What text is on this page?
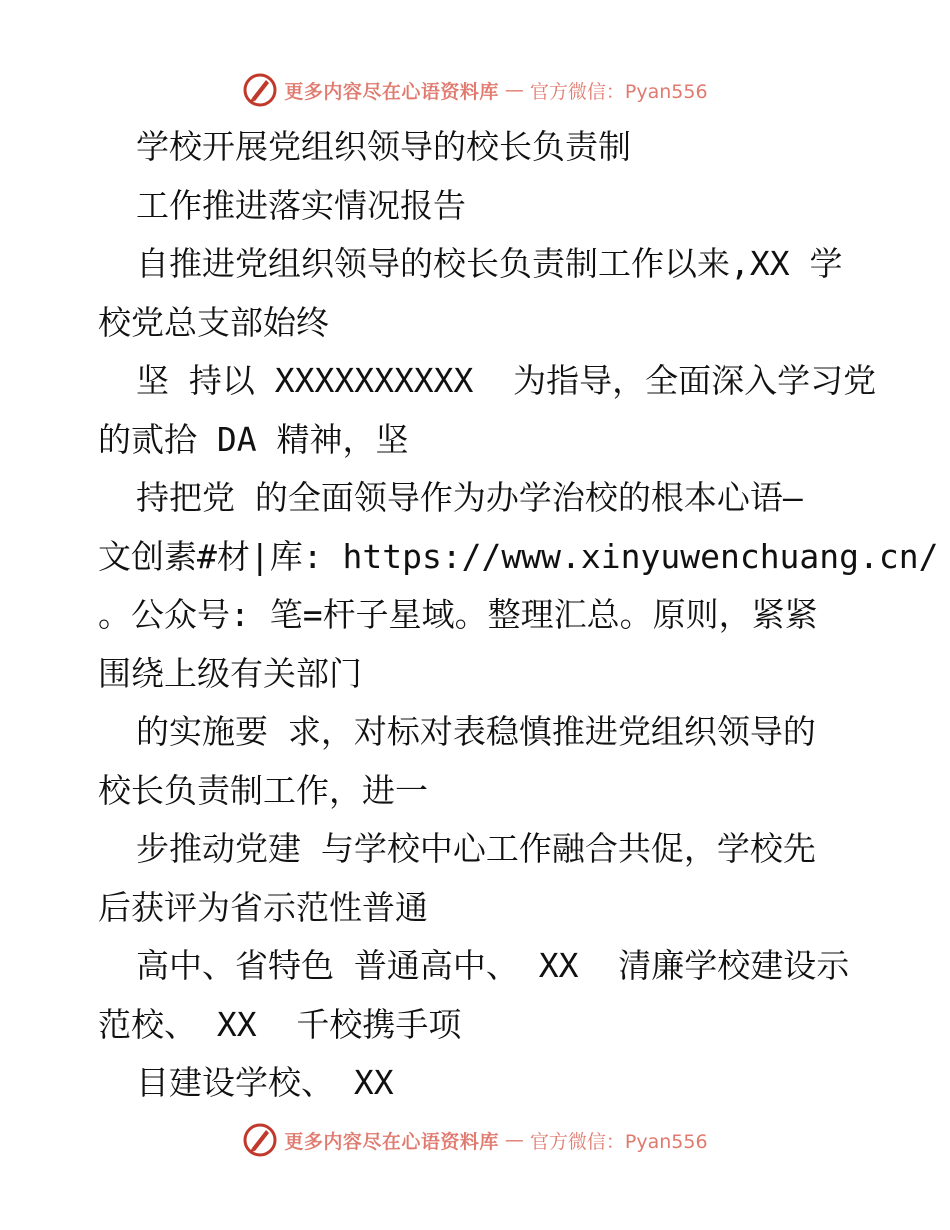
更多内容尽在心语资料库 — 官方微信：Pyan556
学校开展党组织领导的校长负责制
工作推进落实情况报告
自推进党组织领导的校长负责制工作以来,XX 学
校党总支部始终
坚 持以 XXXXXXXXXX  为指导，全面深入学习党
的贰拾 DA 精神，坚
持把党 的全面领导作为办学治校的根本心语—
文创素#材|库: https://www.xinyuwenchuang.cn/
。公众号: 笔=杆子星域。整理汇总。原则，紧紧
围绕上级有关部门
的实施要 求，对标对表稳慎推进党组织领导的
校长负责制工作，进一
步推动党建 与学校中心工作融合共促，学校先
后获评为省示范性普通
高中、省特色 普通高中、 XX  清廉学校建设示
范校、 XX  千校携手项
目建设学校、 XX
更多内容尽在心语资料库 — 官方微信：Pyan556
